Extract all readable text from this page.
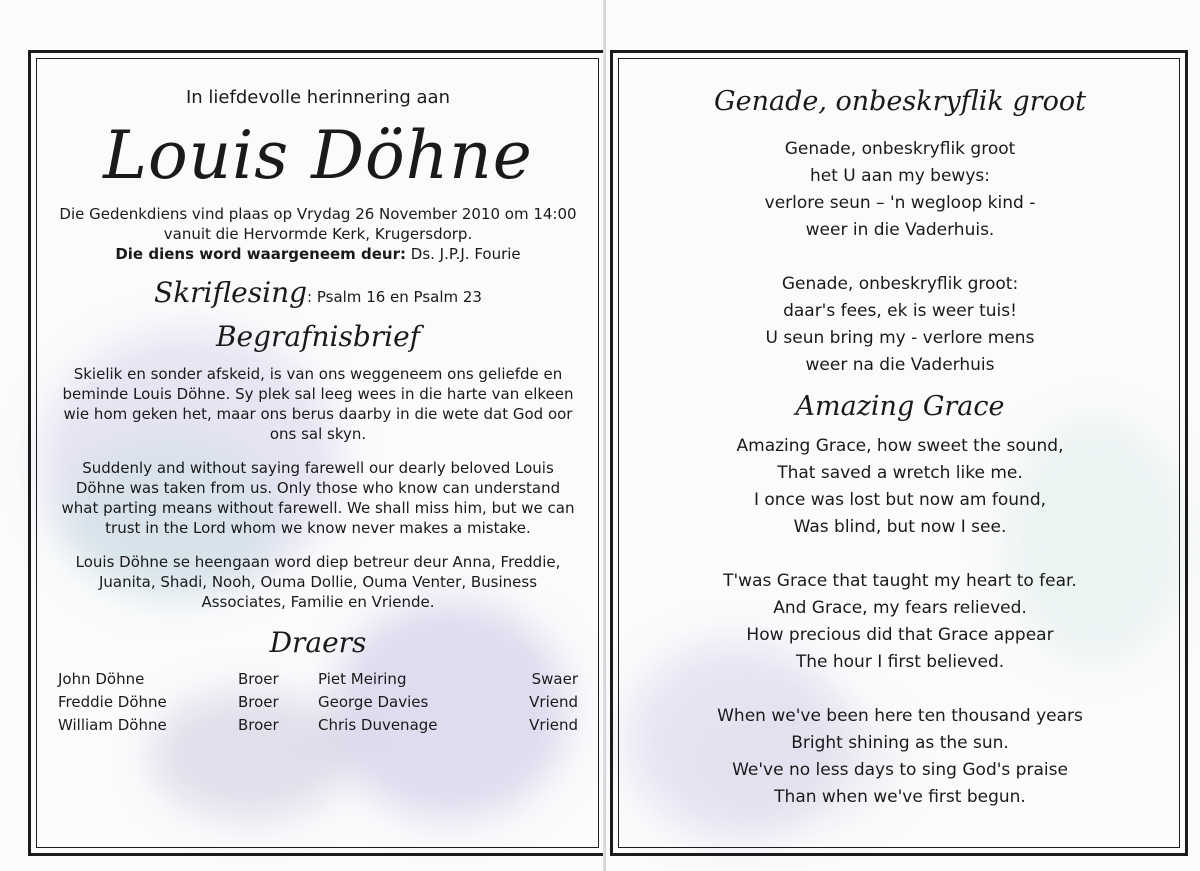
In liefdevolle herinnering aan
Louis Döhne
Die Gedenkdiens vind plaas op Vrydag 26 November 2010 om 14:00
vanuit die Hervormde Kerk, Krugersdorp.
Die diens word waargeneem deur: Ds. J.P.J. Fourie
Skriflesing: Psalm 16 en Psalm 23
Begrafnisbrief

Skielik en sonder afskeid, is van ons weggeneem ons geliefde en beminde Louis Döhne. Sy plek sal leeg wees in die harte van elkeen wie hom geken het, maar ons berus daarby in die wete dat God oor ons sal skyn.

Suddenly and without saying farewell our dearly beloved Louis Döhne was taken from us. Only those who know can understand what parting means without farewell. We shall miss him, but we can trust in the Lord whom we know never makes a mistake.

Louis Döhne se heengaan word diep betreur deur Anna, Freddie, Juanita, Shadi, Nooh, Ouma Dollie, Ouma Venter, Business Associates, Familie en Vriende.

Draers
John Döhne	Broer	Piet Meiring	Swaer
Freddie Döhne	Broer	George Davies	Vriend
William Döhne	Broer	Chris Duvenage	Vriend
Genade, onbeskryflik groot
Genade, onbeskryflik groot
het U aan my bewys:
verlore seun – 'n wegloop kind -
weer in die Vaderhuis.
Genade, onbeskryflik groot:
daar's fees, ek is weer tuis!
U seun bring my - verlore mens
weer na die Vaderhuis
Amazing Grace
Amazing Grace, how sweet the sound,
That saved a wretch like me.
I once was lost but now am found,
Was blind, but now I see.
T'was Grace that taught my heart to fear.
And Grace, my fears relieved.
How precious did that Grace appear
The hour I first believed.
When we've been here ten thousand years
Bright shining as the sun.
We've no less days to sing God's praise
Than when we've first begun.
